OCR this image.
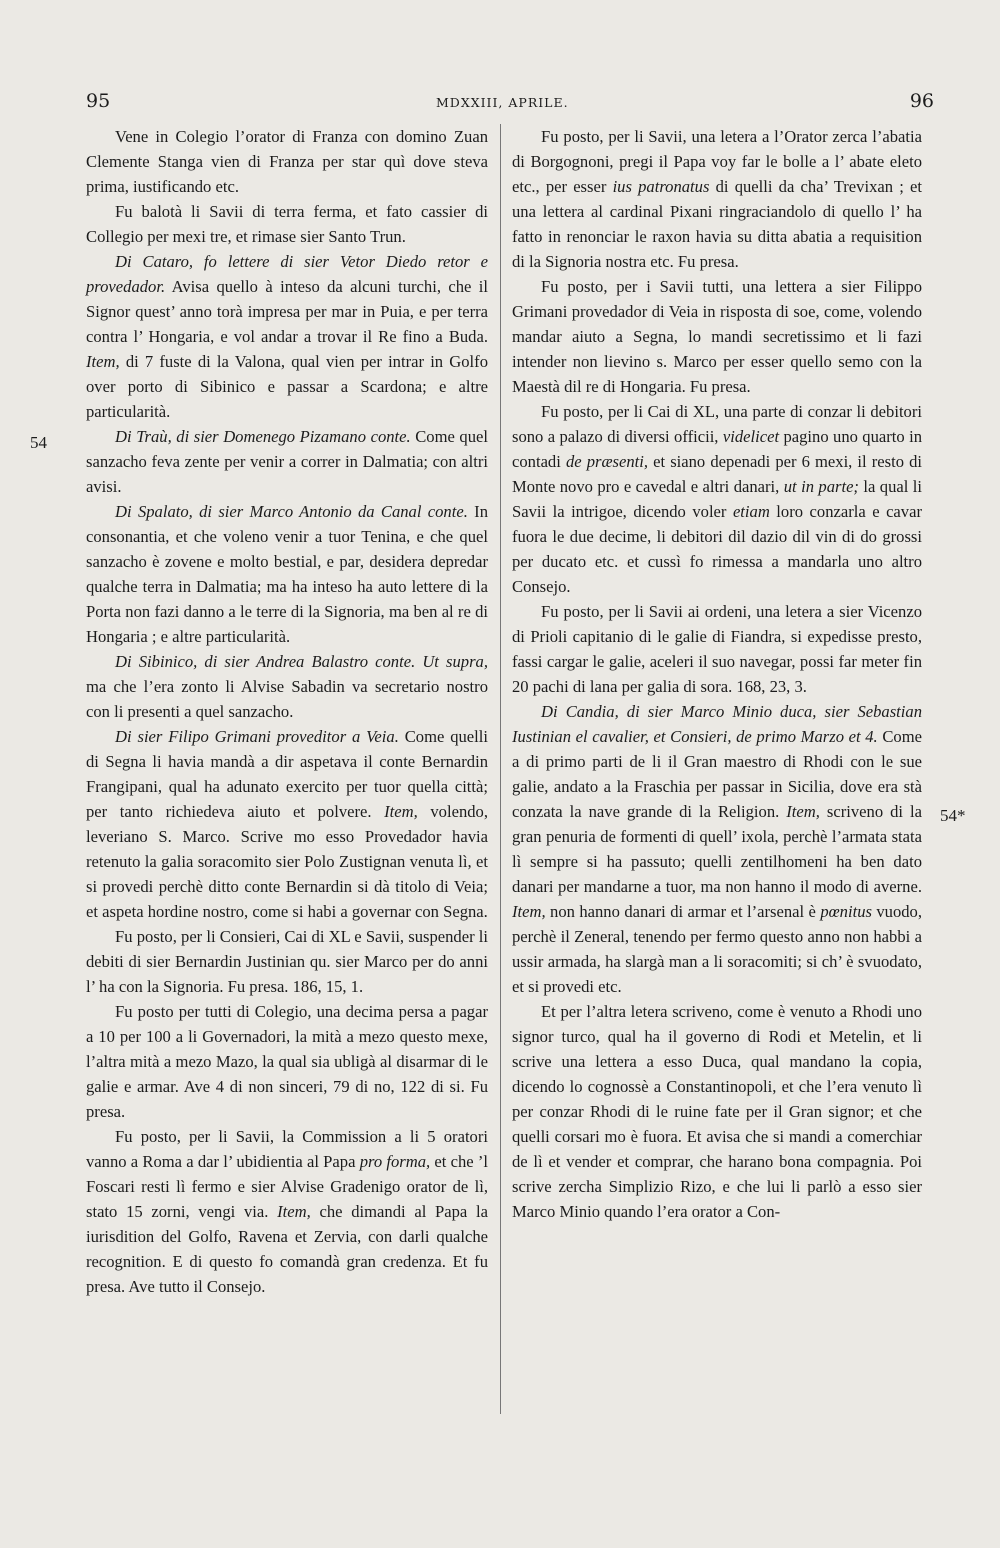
95	MDXXIII, APRILE.	96

Vene in Colegio l’orator di Franza con domino Zuan Clemente Stanga vien di Franza per star quì dove steva prima, iustificando etc.

Fu balotà li Savii di terra ferma, et fato cassier di Collegio per mexi tre, et rimase sier Santo Trun.

Di Cataro, fo lettere di sier Vetor Diedo retor e provedador. Avisa quello à inteso da alcuni turchi, che il Signor quest’ anno torà impresa per mar in Puia, e per terra contra l’ Hongaria, e vol andar a trovar il Re fino a Buda. Item, di 7 fuste di la Valona, qual vien per intrar in Golfo over porto di Sibinico e passar a Scardona; e altre particularità.

Di Traù, di sier Domenego Pizamano conte. Come quel sanzacho feva zente per venir a correr in Dalmatia; con altri avisi.

Di Spalato, di sier Marco Antonio da Canal conte. In consonantia, et che voleno venir a tuor Tenina, e che quel sanzacho è zovene e molto bestial, e par, desidera depredar qualche terra in Dalmatia; ma ha inteso ha auto lettere di la Porta non fazi danno a le terre di la Signoria, ma ben al re di Hongaria ; e altre particularità.

Di Sibinico, di sier Andrea Balastro conte. Ut supra, ma che l’era zonto li Alvise Sabadin va secretario nostro con li presenti a quel sanzacho.

Di sier Filipo Grimani proveditor a Veia. Come quelli di Segna li havia mandà a dir aspetava il conte Bernardin Frangipani, qual ha adunato exercito per tuor quella città; per tanto richiedeva aiuto et polvere. Item, volendo, leveriano S. Marco. Scrive mo esso Provedador havia retenuto la galia soracomito sier Polo Zustignan venuta lì, et si provedi perchè ditto conte Bernardin si dà titolo di Veia; et aspeta hordine nostro, come si habi a governar con Segna.

Fu posto, per li Consieri, Cai di XL e Savii, suspender li debiti di sier Bernardin Justinian qu. sier Marco per do anni l’ ha con la Signoria. Fu presa. 186, 15, 1.

Fu posto per tutti di Colegio, una decima persa a pagar a 10 per 100 a li Governadori, la mità a mezo questo mexe, l’altra mità a mezo Mazo, la qual sia ubligà al disarmar di le galie e armar. Ave 4 di non sinceri, 79 di no, 122 di si. Fu presa.

Fu posto, per li Savii, la Commission a li 5 oratori vanno a Roma a dar l’ ubidientia al Papa pro forma, et che ’l Foscari resti lì fermo e sier Alvise Gradenigo orator de lì, stato 15 zorni, vengi via. Item, che dimandi al Papa la iurisdition del Golfo, Ravena et Zervia, con darli qualche recognition. E di questo fo comandà gran credenza. Et fu presa. Ave tutto il Consejo.

Fu posto, per li Savii, una letera a l’Orator zerca l’abatia di Borgognoni, pregi il Papa voy far le bolle a l’ abate eleto etc., per esser ius patronatus di quelli da cha’ Trevixan ; et una lettera al cardinal Pixani ringraciandolo di quello l’ ha fatto in renonciar le raxon havia su ditta abatia a requisition di la Signoria nostra etc. Fu presa.

Fu posto, per i Savii tutti, una lettera a sier Filippo Grimani provedador di Veia in risposta di soe, come, volendo mandar aiuto a Segna, lo mandi secretissimo et li fazi intender non lievino s. Marco per esser quello semo con la Maestà dil re di Hongaria. Fu presa.

Fu posto, per li Cai di XL, una parte di conzar li debitori sono a palazo di diversi officii, videlicet pagino uno quarto in contadi de præsenti, et siano depenadi per 6 mexi, il resto di Monte novo pro e cavedal e altri danari, ut in parte; la qual li Savii la intrigoe, dicendo voler etiam loro conzarla e cavar fuora le due decime, li debitori dil dazio dil vin di do grossi per ducato etc. et cussì fo rimessa a mandarla uno altro Consejo.

Fu posto, per li Savii ai ordeni, una letera a sier Vicenzo di Prioli capitanio di le galie di Fiandra, si expedisse presto, fassi cargar le galie, aceleri il suo navegar, possi far meter fin 20 pachi di lana per galia di sora. 168, 23, 3.

Di Candia, di sier Marco Minio duca, sier Sebastian Iustinian el cavalier, et Consieri, de primo Marzo et 4. Come a di primo parti de li il Gran maestro di Rhodi con le sue galie, andato a la Fraschia per passar in Sicilia, dove era stà conzata la nave grande di la Religion. Item, scriveno di la gran penuria de formenti di quell’ ixola, perchè l’armata stata lì sempre si ha passuto; quelli zentilhomeni ha ben dato danari per mandarne a tuor, ma non hanno il modo di averne. Item, non hanno danari di armar et l’arsenal è pœnitus vuodo, perchè il Zeneral, tenendo per fermo questo anno non habbi a ussir armada, ha slargà man a li soracomiti; si ch’ è svuodato, et si provedi etc.

Et per l’altra letera scriveno, come è venuto a Rhodi uno signor turco, qual ha il governo di Rodi et Metelin, et li scrive una lettera a esso Duca, qual mandano la copia, dicendo lo cognossè a Constantinopoli, et che l’era venuto lì per conzar Rhodi di le ruine fate per il Gran signor; et che quelli corsari mo è fuora. Et avisa che si mandi a comerchiar de lì et vender et comprar, che harano bona compagnia. Poi scrive zercha Simplizio Rizo, e che lui li parlò a esso sier Marco Minio quando l’era orator a Con-

54
54*
